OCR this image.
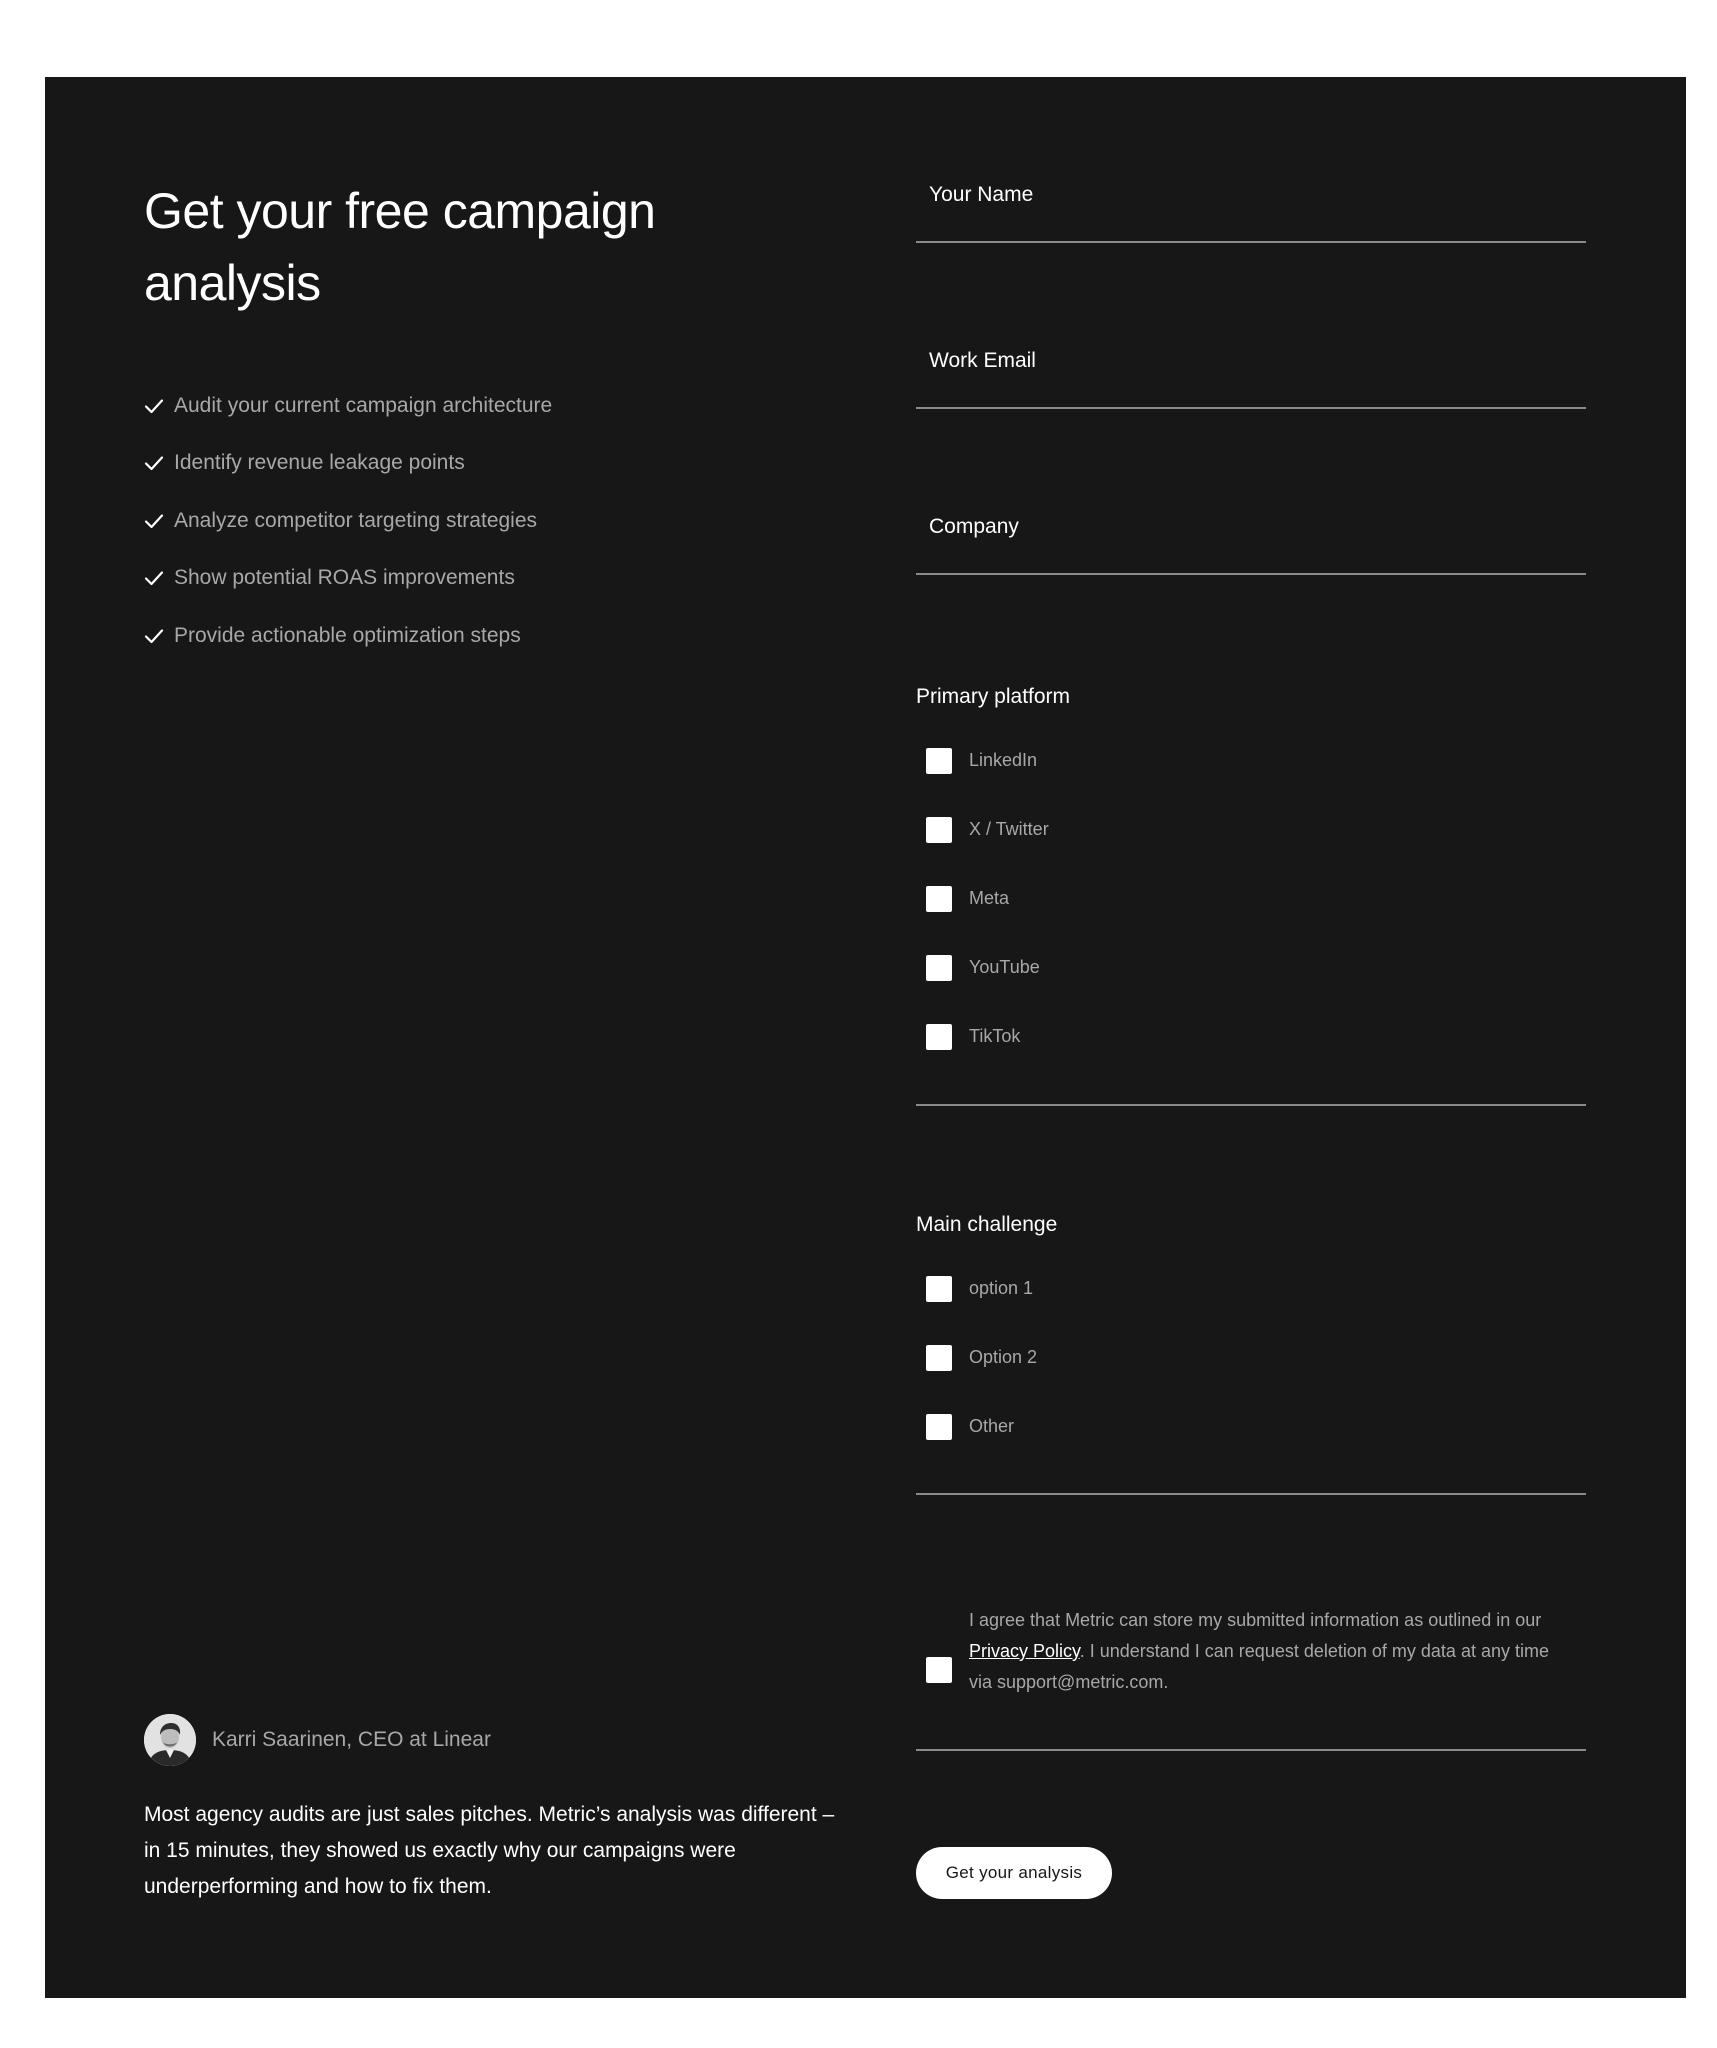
Get your free campaign analysis
Audit your current campaign architecture
Identify revenue leakage points
Analyze competitor targeting strategies
Show potential ROAS improvements
Provide actionable optimization steps
Karri Saarinen, CEO at Linear

Most agency audits are just sales pitches. Metric’s analysis was different – in 15 minutes, they showed us exactly why our campaigns were underperforming and how to fix them.

Your Name
Work Email
Company

Primary platform

LinkedIn
X / Twitter
Meta
YouTube
TikTok

Main challenge

option 1
Option 2
Other

I agree that Metric can store my submitted information as outlined in our Privacy Policy. I understand I can request deletion of my data at any time via support@metric.com.

Get your analysis
